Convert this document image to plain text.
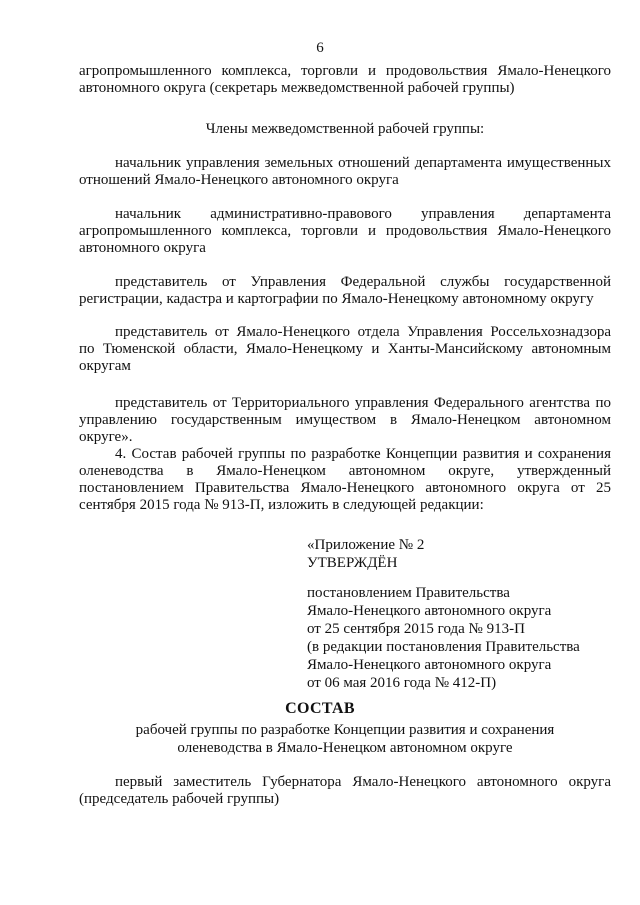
6

агропромышленного комплекса, торговли и продовольствия Ямало-Ненецкого автономного округа (секретарь межведомственной рабочей группы)

Члены межведомственной рабочей группы:

начальник управления земельных отношений департамента имущественных отношений Ямало-Ненецкого автономного округа

начальник административно-правового управления департамента агропромышленного комплекса, торговли и продовольствия Ямало-Ненецкого автономного округа

представитель от Управления Федеральной службы государственной регистрации, кадастра и картографии по Ямало-Ненецкому автономному округу

представитель от Ямало-Ненецкого отдела Управления Россельхознадзора по Тюменской области, Ямало-Ненецкому и Ханты-Мансийскому автономным округам

представитель от Территориального управления Федерального агентства по управлению государственным имуществом в Ямало-Ненецком автономном округе».

4. Состав рабочей группы по разработке Концепции развития и сохранения оленеводства в Ямало-Ненецком автономном округе, утвержденный постановлением Правительства Ямало-Ненецкого автономного округа от 25 сентября 2015 года № 913-П, изложить в следующей редакции:

«Приложение № 2
УТВЕРЖДЁН
постановлением Правительства
Ямало-Ненецкого автономного округа
от 25 сентября 2015 года № 913-П
(в редакции постановления Правительства
Ямало-Ненецкого автономного округа
от 06 мая 2016 года № 412-П)

СОСТАВ

рабочей группы по разработке Концепции развития и сохранения

оленеводства в Ямало-Ненецком автономном округе

первый заместитель Губернатора Ямало-Ненецкого автономного округа (председатель рабочей группы)
